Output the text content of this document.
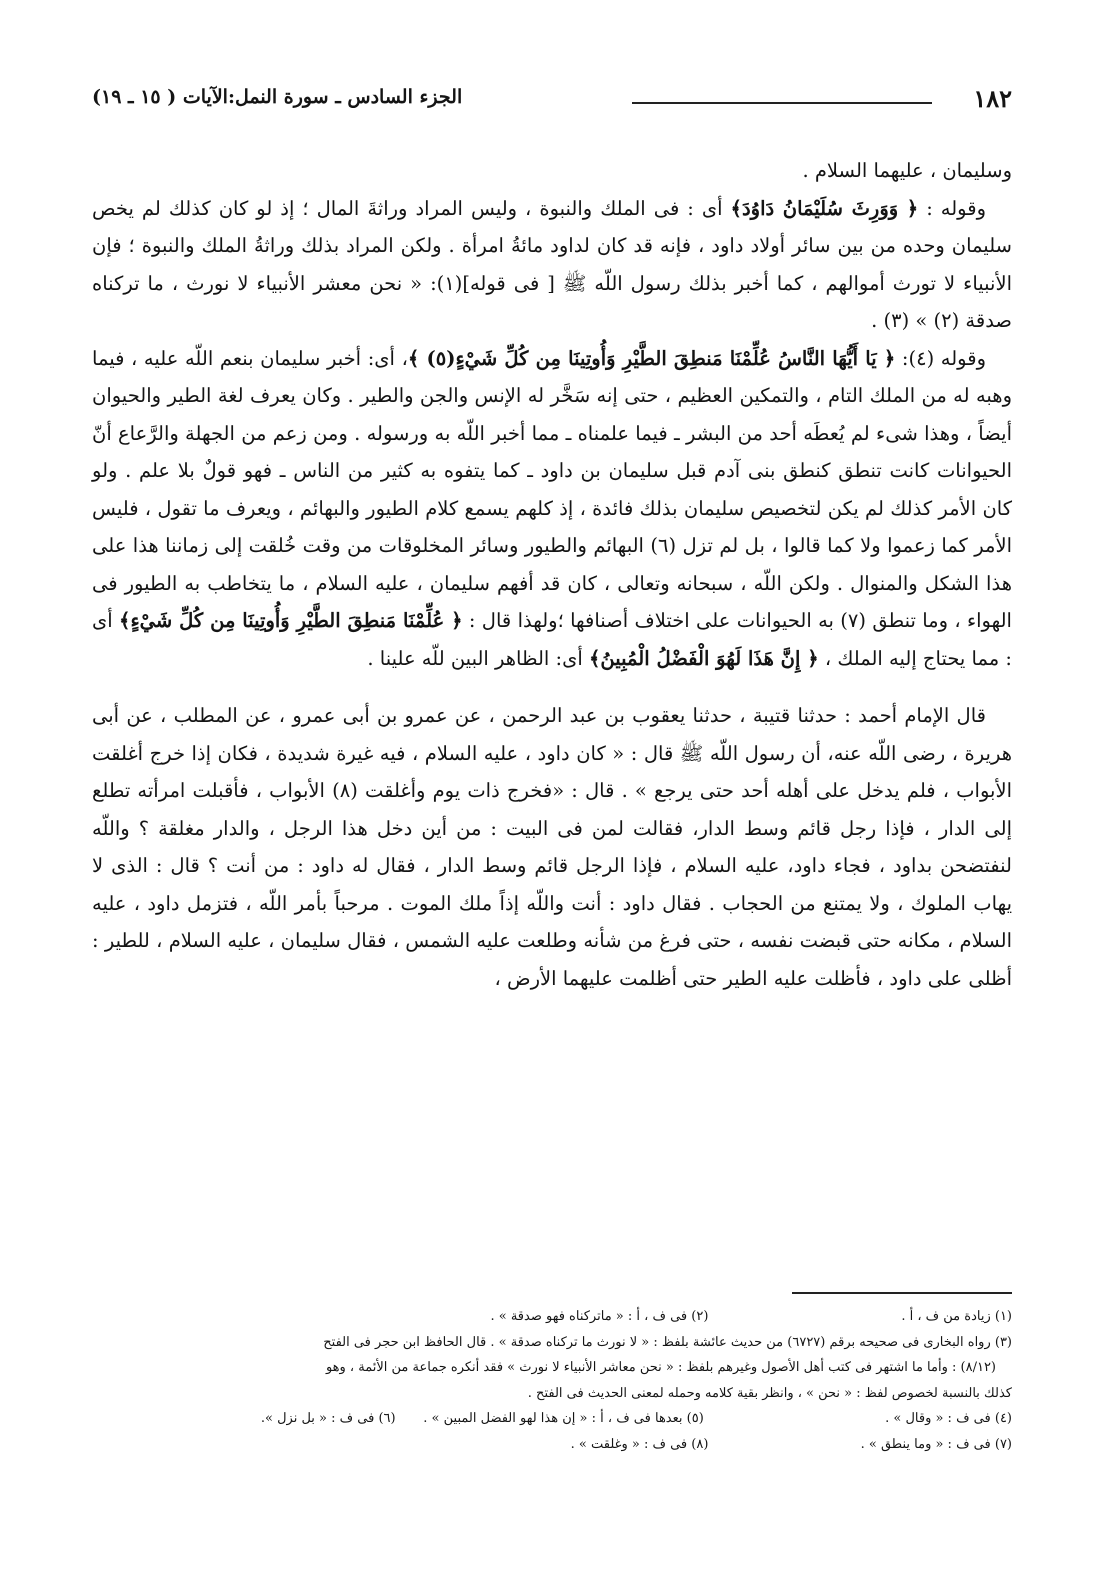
١٨٢
الجزء السادس ـ سورة النمل:الآيات ( ١٥ ـ ١٩)

وسليمان ، عليهما السلام .

وقوله : ﴿ وَوَرِثَ سُلَيْمَانُ دَاوُدَ﴾ أى : فى الملك والنبوة ، وليس المراد وراثةَ المال ؛ إذ لو كان كذلك لم يخص سليمان وحده من بين سائر أولاد داود ، فإنه قد كان لداود مائةُ امرأة . ولكن المراد بذلك وراثةُ الملك والنبوة ؛ فإن الأنبياء لا تورث أموالهم ، كما أخبر بذلك رسول اللّه ﷺ [ فى قوله](١): « نحن معشر الأنبياء لا نورث ، ما تركناه صدقة (٢) » (٣) .

وقوله (٤): ﴿ يَا أَيُّهَا النَّاسُ عُلِّمْنَا مَنطِقَ الطَّيْرِ وَأُوتِينَا مِن كُلِّ شَيْءٍ(٥) ﴾، أى: أخبر سليمان بنعم اللّه عليه ، فيما وهبه له من الملك التام ، والتمكين العظيم ، حتى إنه سَخَّر له الإنس والجن والطير . وكان يعرف لغة الطير والحيوان أيضاً ، وهذا شىء لم يُعطَه أحد من البشر ـ فيما علمناه ـ مما أخبر اللّه به ورسوله . ومن زعم من الجهلة والرَّعاع أنّ الحيوانات كانت تنطق كنطق بنى آدم قبل سليمان بن داود ـ كما يتفوه به كثير من الناس ـ فهو قولٌ بلا علم . ولو كان الأمر كذلك لم يكن لتخصيص سليمان بذلك فائدة ، إذ كلهم يسمع كلام الطيور والبهائم ، ويعرف ما تقول ، فليس الأمر كما زعموا ولا كما قالوا ، بل لم تزل (٦) البهائم والطيور وسائر المخلوقات من وقت خُلقت إلى زماننا هذا على هذا الشكل والمنوال . ولكن اللّه ، سبحانه وتعالى ، كان قد أفهم سليمان ، عليه السلام ، ما يتخاطب به الطيور فى الهواء ، وما تنطق (٧) به الحيوانات على اختلاف أصنافها ؛ولهذا قال : ﴿ عُلِّمْنَا مَنطِقَ الطَّيْرِ وَأُوتِينَا مِن كُلِّ شَيْءٍ﴾ أى : مما يحتاج إليه الملك ، ﴿ إِنَّ هَذَا لَهُوَ الْفَضْلُ الْمُبِينُ﴾ أى: الظاهر البين للّه علينا .

قال الإمام أحمد : حدثنا قتيبة ، حدثنا يعقوب بن عبد الرحمن ، عن عمرو بن أبى عمرو ، عن المطلب ، عن أبى هريرة ، رضى اللّه عنه، أن رسول اللّه ﷺ قال : « كان داود ، عليه السلام ، فيه غيرة شديدة ، فكان إذا خرج أغلقت الأبواب ، فلم يدخل على أهله أحد حتى يرجع » . قال : «فخرج ذات يوم وأغلقت (٨) الأبواب ، فأقبلت امرأته تطلع إلى الدار ، فإذا رجل قائم وسط الدار، فقالت لمن فى البيت : من أين دخل هذا الرجل ، والدار مغلقة ؟ واللّه لنفتضحن بداود ، فجاء داود، عليه السلام ، فإذا الرجل قائم وسط الدار ، فقال له داود : من أنت ؟ قال : الذى لا يهاب الملوك ، ولا يمتنع من الحجاب . فقال داود : أنت واللّه إذاً ملك الموت . مرحباً بأمر اللّه ، فتزمل داود ، عليه السلام ، مكانه حتى قبضت نفسه ، حتى فرغ من شأنه وطلعت عليه الشمس ، فقال سليمان ، عليه السلام ، للطير : أظلى على داود ، فأظلت عليه الطير حتى أظلمت عليهما الأرض ،

(١) زيادة من ف ، أ .
(٢) فى ف ، أ : « ماتركناه فهو صدقة » .
(٣) رواه البخارى فى صحيحه برقم (٦٧٢٧) من حديث عائشة بلفظ : « لا نورث ما تركناه صدقة » . قال الحافظ ابن حجر فى الفتح
(٨/١٢) : وأما ما اشتهر فى كتب أهل الأصول وغيرهم بلفظ : « نحن معاشر الأنبياء لا نورث » فقد أنكره جماعة من الأئمة ، وهو
كذلك بالنسبة لخصوص لفظ : « نحن » ، وانظر بقية كلامه وحمله لمعنى الحديث فى الفتح .
(٤) فى ف : « وقال » .
(٥) بعدها فى ف ، أ : « إن هذا لهو الفضل المبين » .
(٦) فى ف : « بل نزل ».
(٧) فى ف : « وما ينطق » .
(٨) فى ف : « وغلقت » .
